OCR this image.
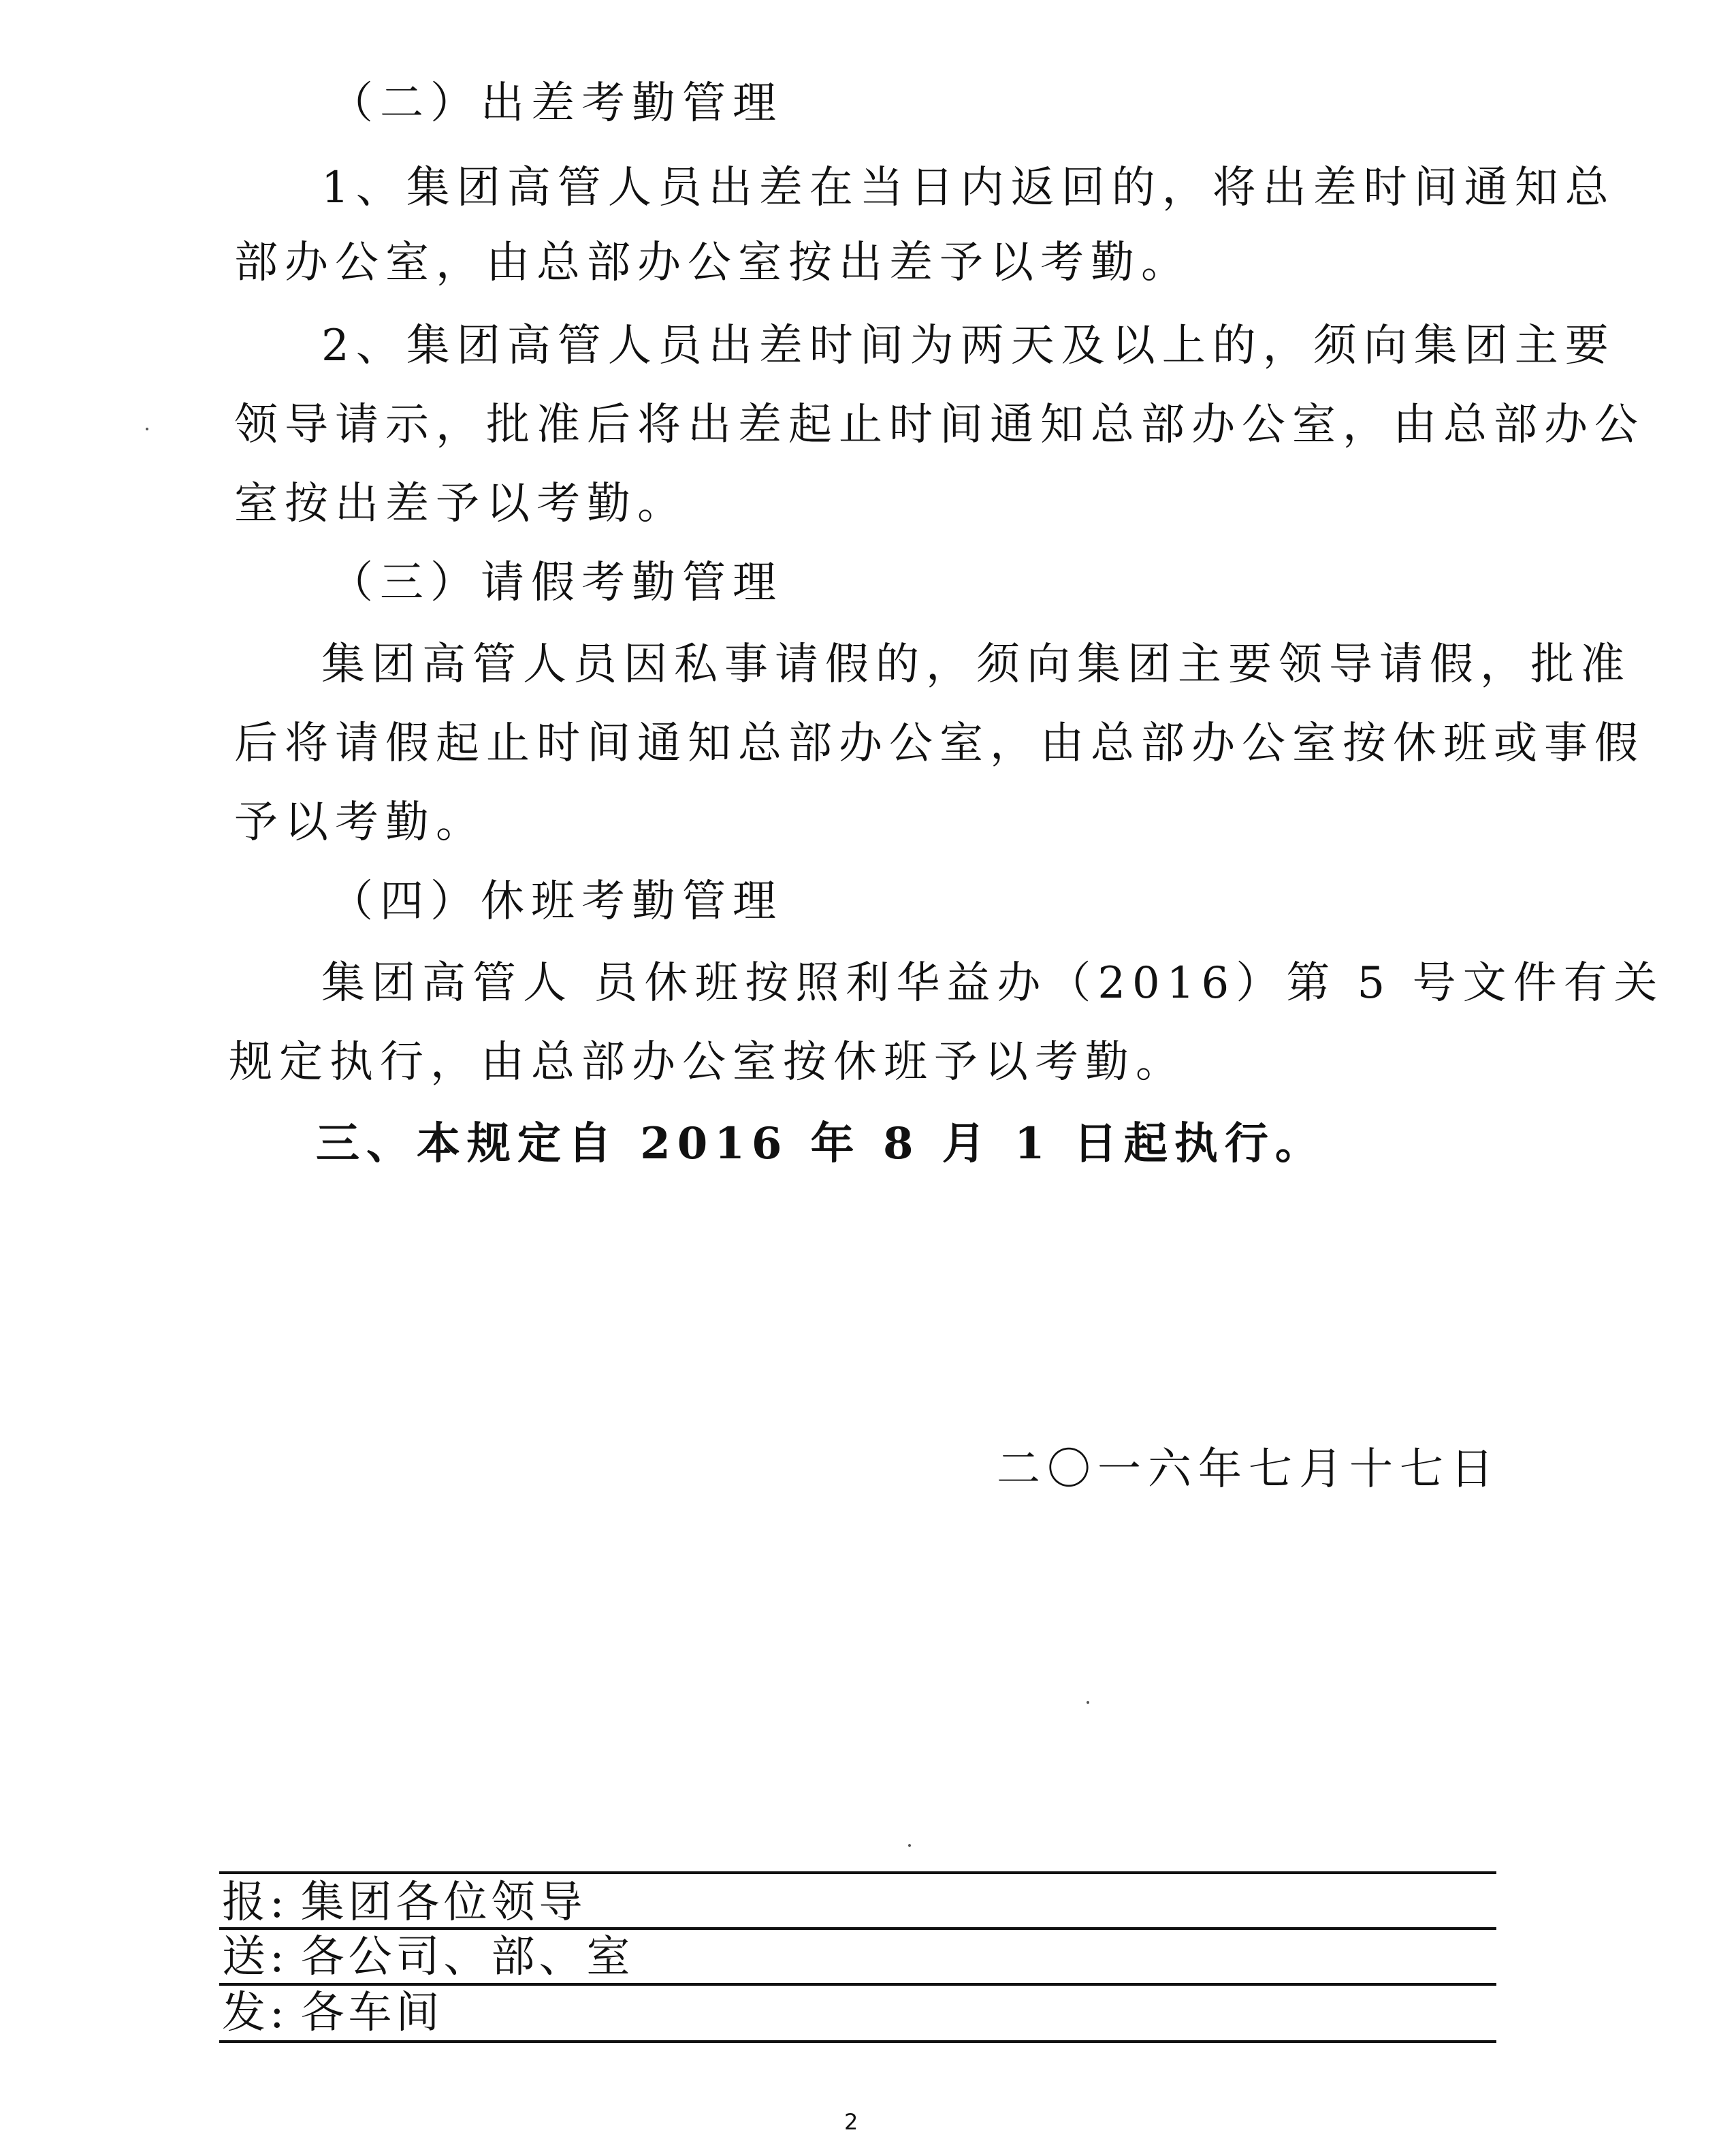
（二）出差考勤管理
1、集团高管人员出差在当日内返回的，将出差时间通知总
部办公室，由总部办公室按出差予以考勤。
2、集团高管人员出差时间为两天及以上的，须向集团主要
领导请示，批准后将出差起止时间通知总部办公室，由总部办公
室按出差予以考勤。
（三）请假考勤管理
集团高管人员因私事请假的，须向集团主要领导请假，批准
后将请假起止时间通知总部办公室，由总部办公室按休班或事假
予以考勤。
（四）休班考勤管理
集团高管人 员休班按照利华益办（2016）第 5 号文件有关
规定执行，由总部办公室按休班予以考勤。
三、本规定自 2016 年 8 月 1 日起执行。
二〇一六年七月十七日
报: 集团各位领导
送: 各公司、部、室
发: 各车间
2
